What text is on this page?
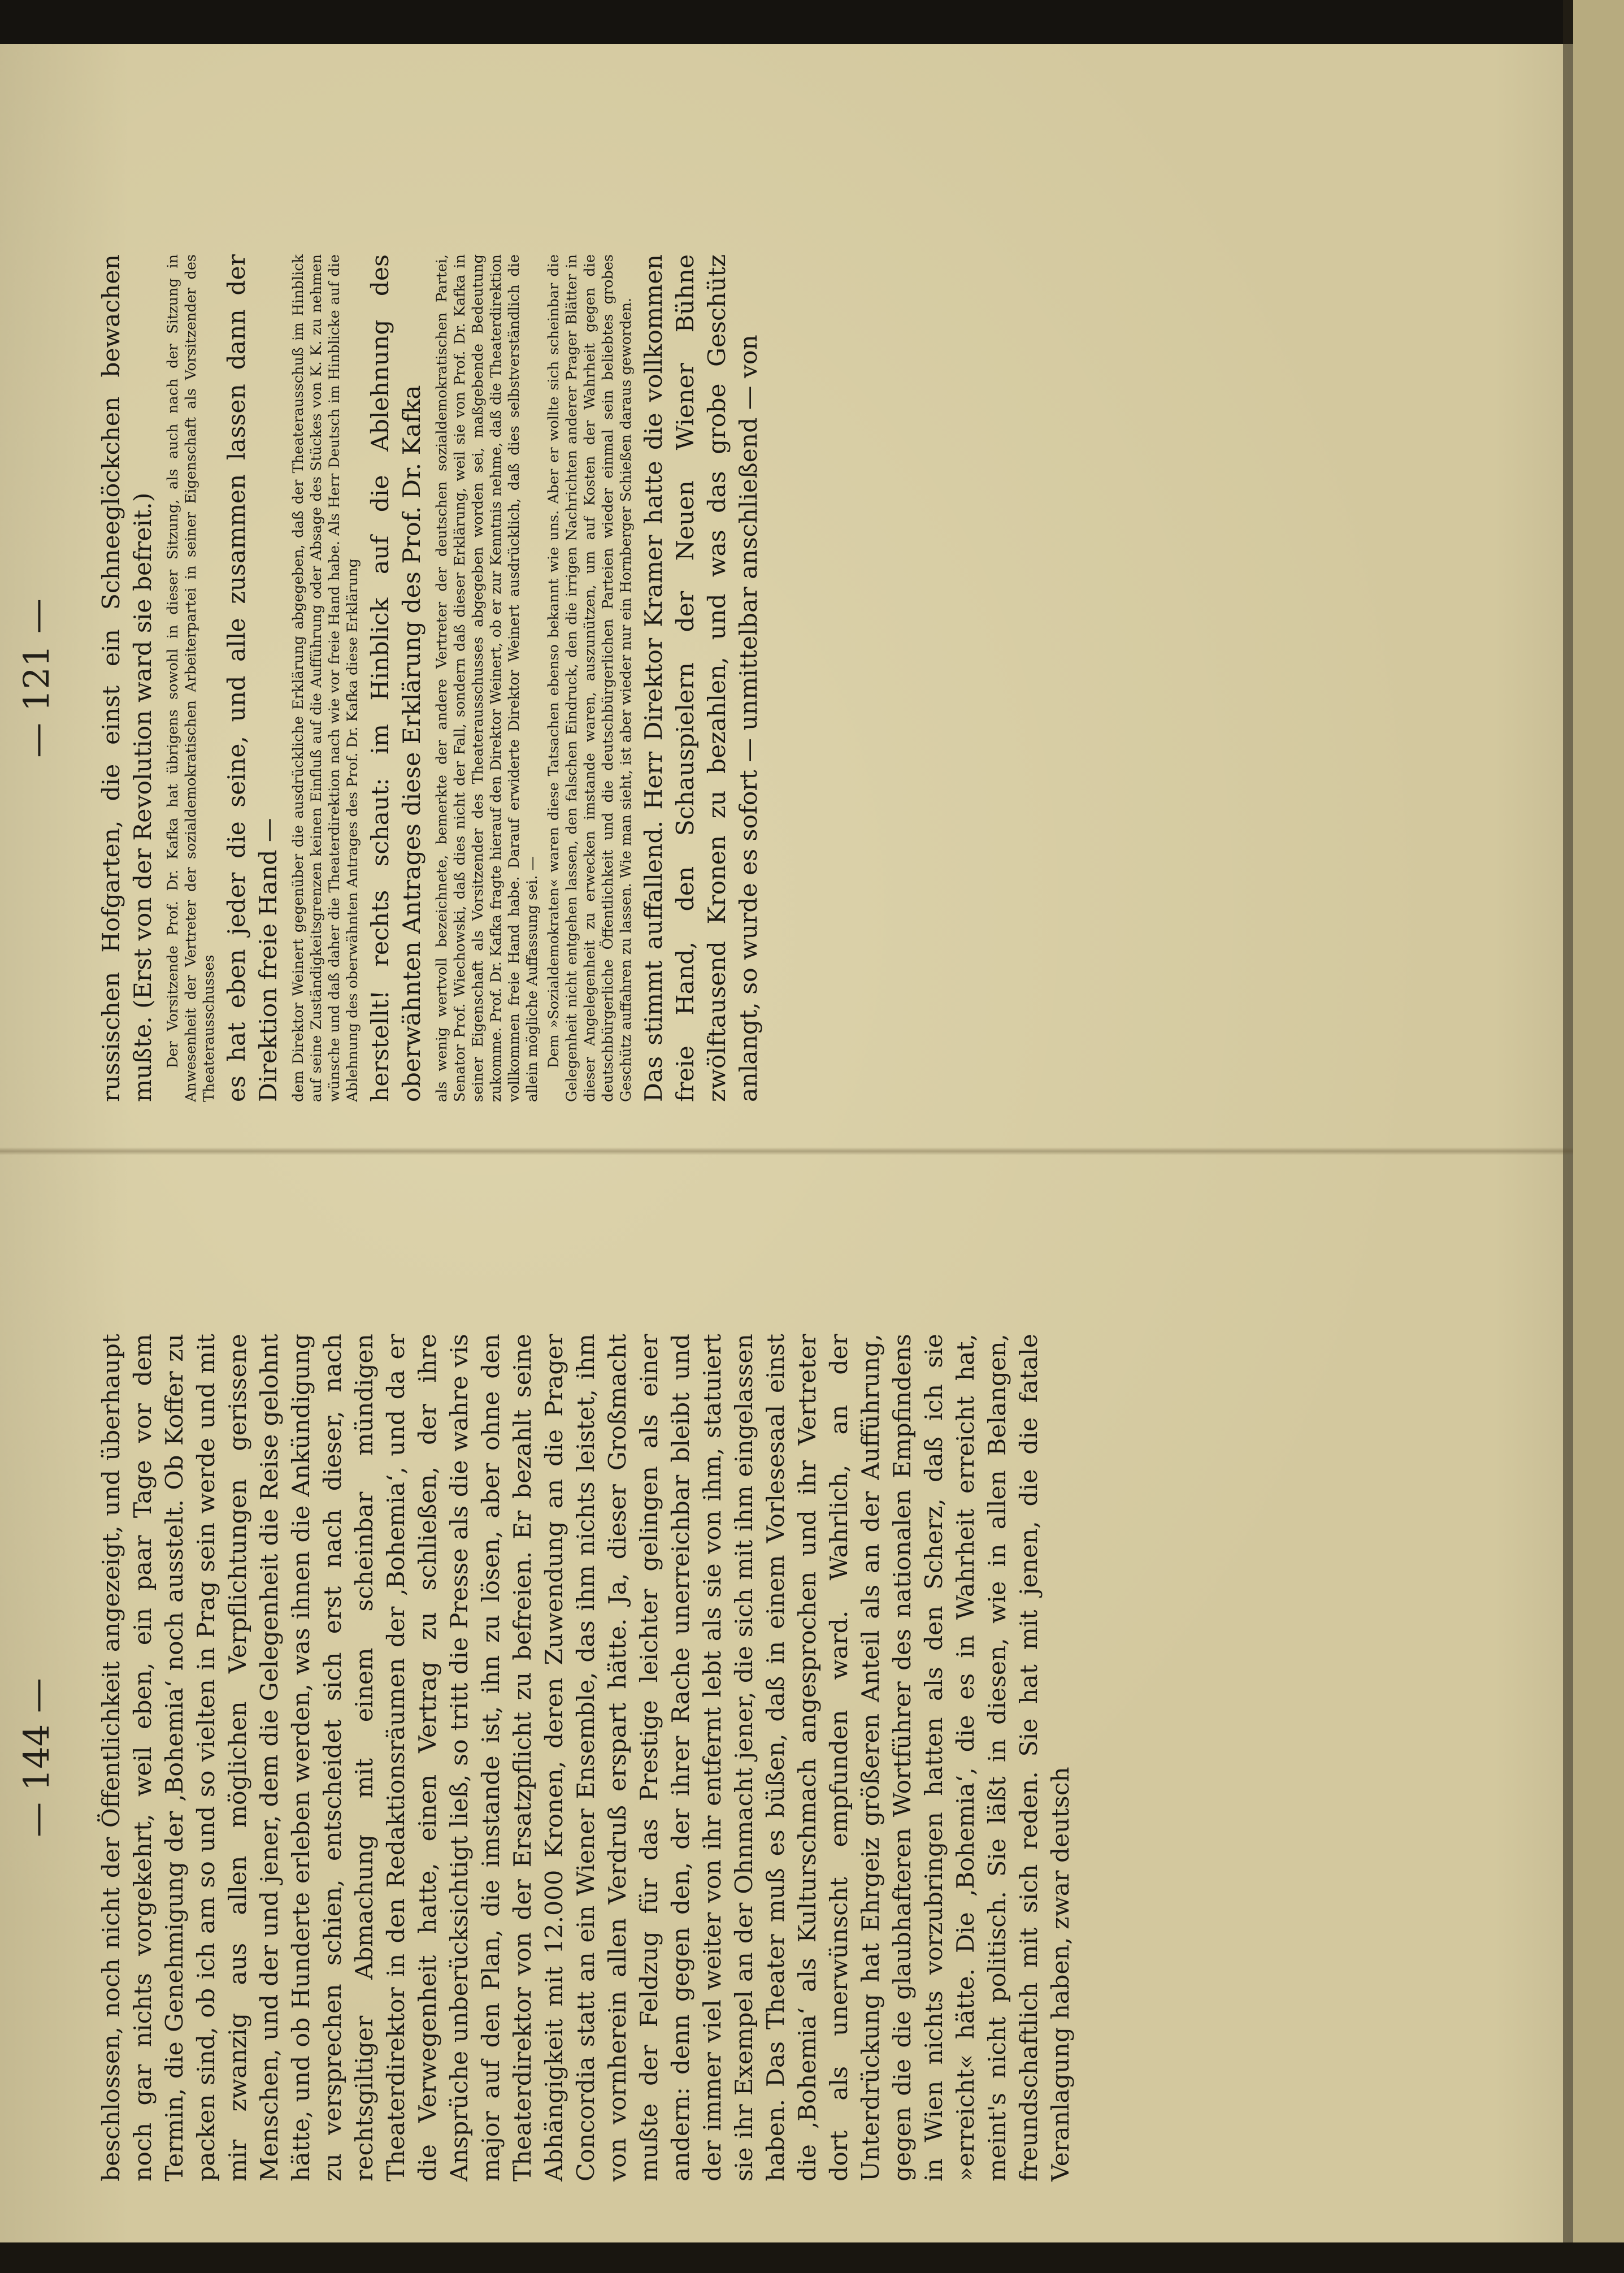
— 144 —	beschlossen, noch nicht der Öffentlichkeit angezeigt, und überhaupt noch gar nichts vorgekehrt, weil eben, ein paar Tage vor dem Termin, die Genehmigung der ‚Bohemia‘ noch ausstelt. Ob Koffer zu packen sind, ob ich am so und so vielten in Prag sein werde und mit mir zwanzig aus allen möglichen Verpflichtungen gerissene Menschen, und der und jener, dem die Gelegenheit die Reise gelohnt hätte, und ob Hunderte erleben werden, was ihnen die Ankündigung zu versprechen schien, entscheidet sich erst nach dieser, nach rechtsgiltiger Abmachung mit einem scheinbar mündigen Theaterdirektor in den Redaktionsräumen der ‚Bohemia‘, und da er die Verwegenheit hatte, einen Vertrag zu schließen, der ihre Ansprüche unberücksichtigt ließ, so tritt die Presse als die wahre vis major auf den Plan, die imstande ist, ihn zu lösen, aber ohne den Theaterdirektor von der Ersatzpflicht zu befreien. Er bezahlt seine Abhängigkeit mit 12.000 Kronen, deren Zuwendung an die Prager Concordia statt an ein Wiener Ensemble, das ihm nichts leistet, ihm von vornherein allen Verdruß erspart hätte. Ja, dieser Großmacht mußte der Feldzug für das Prestige leichter gelingen als einer andern: denn gegen den, der ihrer Rache unerreichbar bleibt und der immer viel weiter von ihr entfernt lebt als sie von ihm, statuiert sie ihr Exempel an der Ohnmacht jener, die sich mit ihm eingelassen haben. Das Theater muß es büßen, daß in einem Vorlesesaal einst die ‚Bohemia‘ als Kulturschmach angesprochen und ihr Vertreter dort als unerwünscht empfunden ward. Wahrlich, an der Unterdrückung hat Ehrgeiz größeren Anteil als an der Aufführung, gegen die die glaubhafteren Wortführer des nationalen Empfindens in Wien nichts vorzubringen hatten als den Scherz, daß ich sie »erreicht« hätte. Die ‚Bohemia‘, die es in Wahrheit erreicht hat, meint's nicht politisch. Sie läßt in diesen, wie in allen Belangen, freundschaftlich mit sich reden. Sie hat mit jenen, die die fatale Veranlagung haben, zwar deutsch

— 121 —	russischen Hofgarten, die einst ein Schneeglöckchen bewachen mußte. (Erst von der Revolution ward sie befreit.) Der Vorsitzende Prof. Dr. Kafka hat übrigens sowohl in dieser Sitzung, als auch nach der Sitzung in Anwesenheit der Vertreter der sozialdemokratischen Arbeiterpartei in seiner Eigenschaft als Vorsitzender des Theaterausschusses es hat eben jeder die seine, und alle zusammen lassen dann der Direktion freie Hand — dem Direktor Weinert gegenüber die ausdrückliche Erklärung abgegeben, daß der Theaterausschuß im Hinblick auf seine Zuständigkeitsgrenzen keinen Einfluß auf die Aufführung oder Absage des Stückes von K. K. zu nehmen wünsche und daß daher die Theaterdirektion nach wie vor freie Hand habe. Als Herr Deutsch im Hinblicke auf die Ablehnung des oberwähnten Antrages des Prof. Dr. Kafka diese Erklärung herstellt! rechts schaut: im Hinblick auf die Ablehnung des oberwähnten Antrages diese Erklärung des Prof. Dr. Kafka als wenig wertvoll bezeichnete, bemerkte der andere Vertreter der deutschen sozialdemokratischen Partei, Senator Prof. Wiechowski, daß dies nicht der Fall, sondern daß dieser Erklärung, weil sie von Prof. Dr. Kafka in seiner Eigenschaft als Vorsitzender des Theaterausschusses abgegeben worden sei, maßgebende Bedeutung zukomme. Prof. Dr. Kafka fragte hierauf den Direktor Weinert, ob er zur Kenntnis nehme, daß die Theaterdirektion vollkommen freie Hand habe. Darauf erwiderte Direktor Weinert ausdrücklich, daß dies selbstverständlich die allein mögliche Auffassung sei. — Dem »Sozialdemokraten« waren diese Tatsachen ebenso bekannt wie uns. Aber er wollte sich scheinbar die Gelegenheit nicht entgehen lassen, den falschen Eindruck, den die irrigen Nachrichten anderer Prager Blätter in dieser Angelegenheit zu erwecken imstande waren, auszunützen, um auf Kosten der Wahrheit gegen die deutschbürgerliche Öffentlichkeit und die deutschbürgerlichen Parteien wieder einmal sein beliebtes grobes Geschütz auffahren zu lassen. Wie man sieht, ist aber wieder nur ein Hornberger Schießen daraus geworden. Das stimmt auffallend. Herr Direktor Kramer hatte die vollkommen freie Hand, den Schauspielern der Neuen Wiener Bühne zwölftausend Kronen zu bezahlen, und was das grobe Geschütz anlangt, so wurde es sofort — unmittelbar anschließend — von
